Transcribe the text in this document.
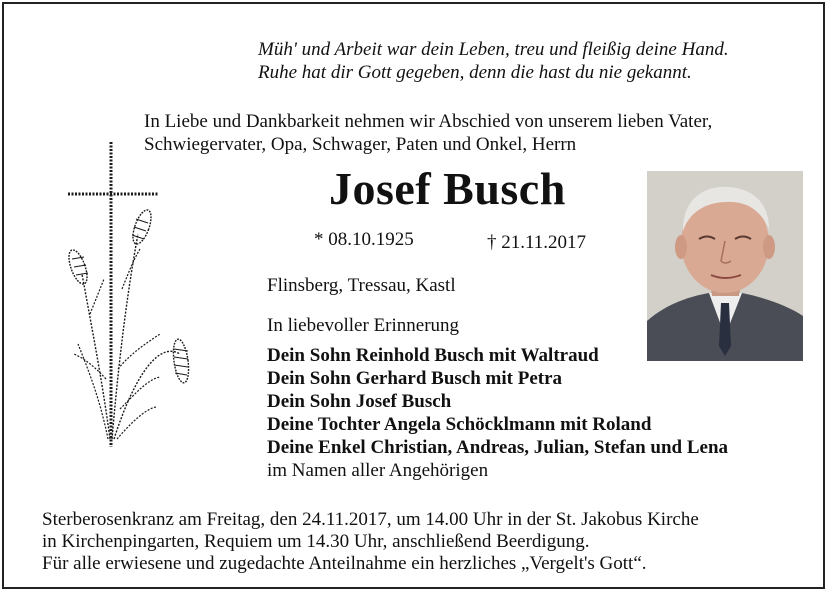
Müh' und Arbeit war dein Leben, treu und fleißig deine Hand.
Ruhe hat dir Gott gegeben, denn die hast du nie gekannt.
In Liebe und Dankbarkeit nehmen wir Abschied von unserem lieben Vater,
Schwiegervater, Opa, Schwager, Paten und Onkel, Herrn
Josef Busch
* 08.10.1925	† 21.11.2017
Flinsberg, Tressau, Kastl
In liebevoller Erinnerung
Dein Sohn Reinhold Busch mit Waltraud
Dein Sohn Gerhard Busch mit Petra
Dein Sohn Josef Busch
Deine Tochter Angela Schöcklmann mit Roland
Deine Enkel Christian, Andreas, Julian, Stefan und Lena
im Namen aller Angehörigen
Sterberosenkranz am Freitag, den 24.11.2017, um 14.00 Uhr in der St. Jakobus Kirche
in Kirchenpingarten, Requiem um 14.30 Uhr, anschließend Beerdigung.
Für alle erwiesene und zugedachte Anteilnahme ein herzliches „Vergelt's Gott“.
